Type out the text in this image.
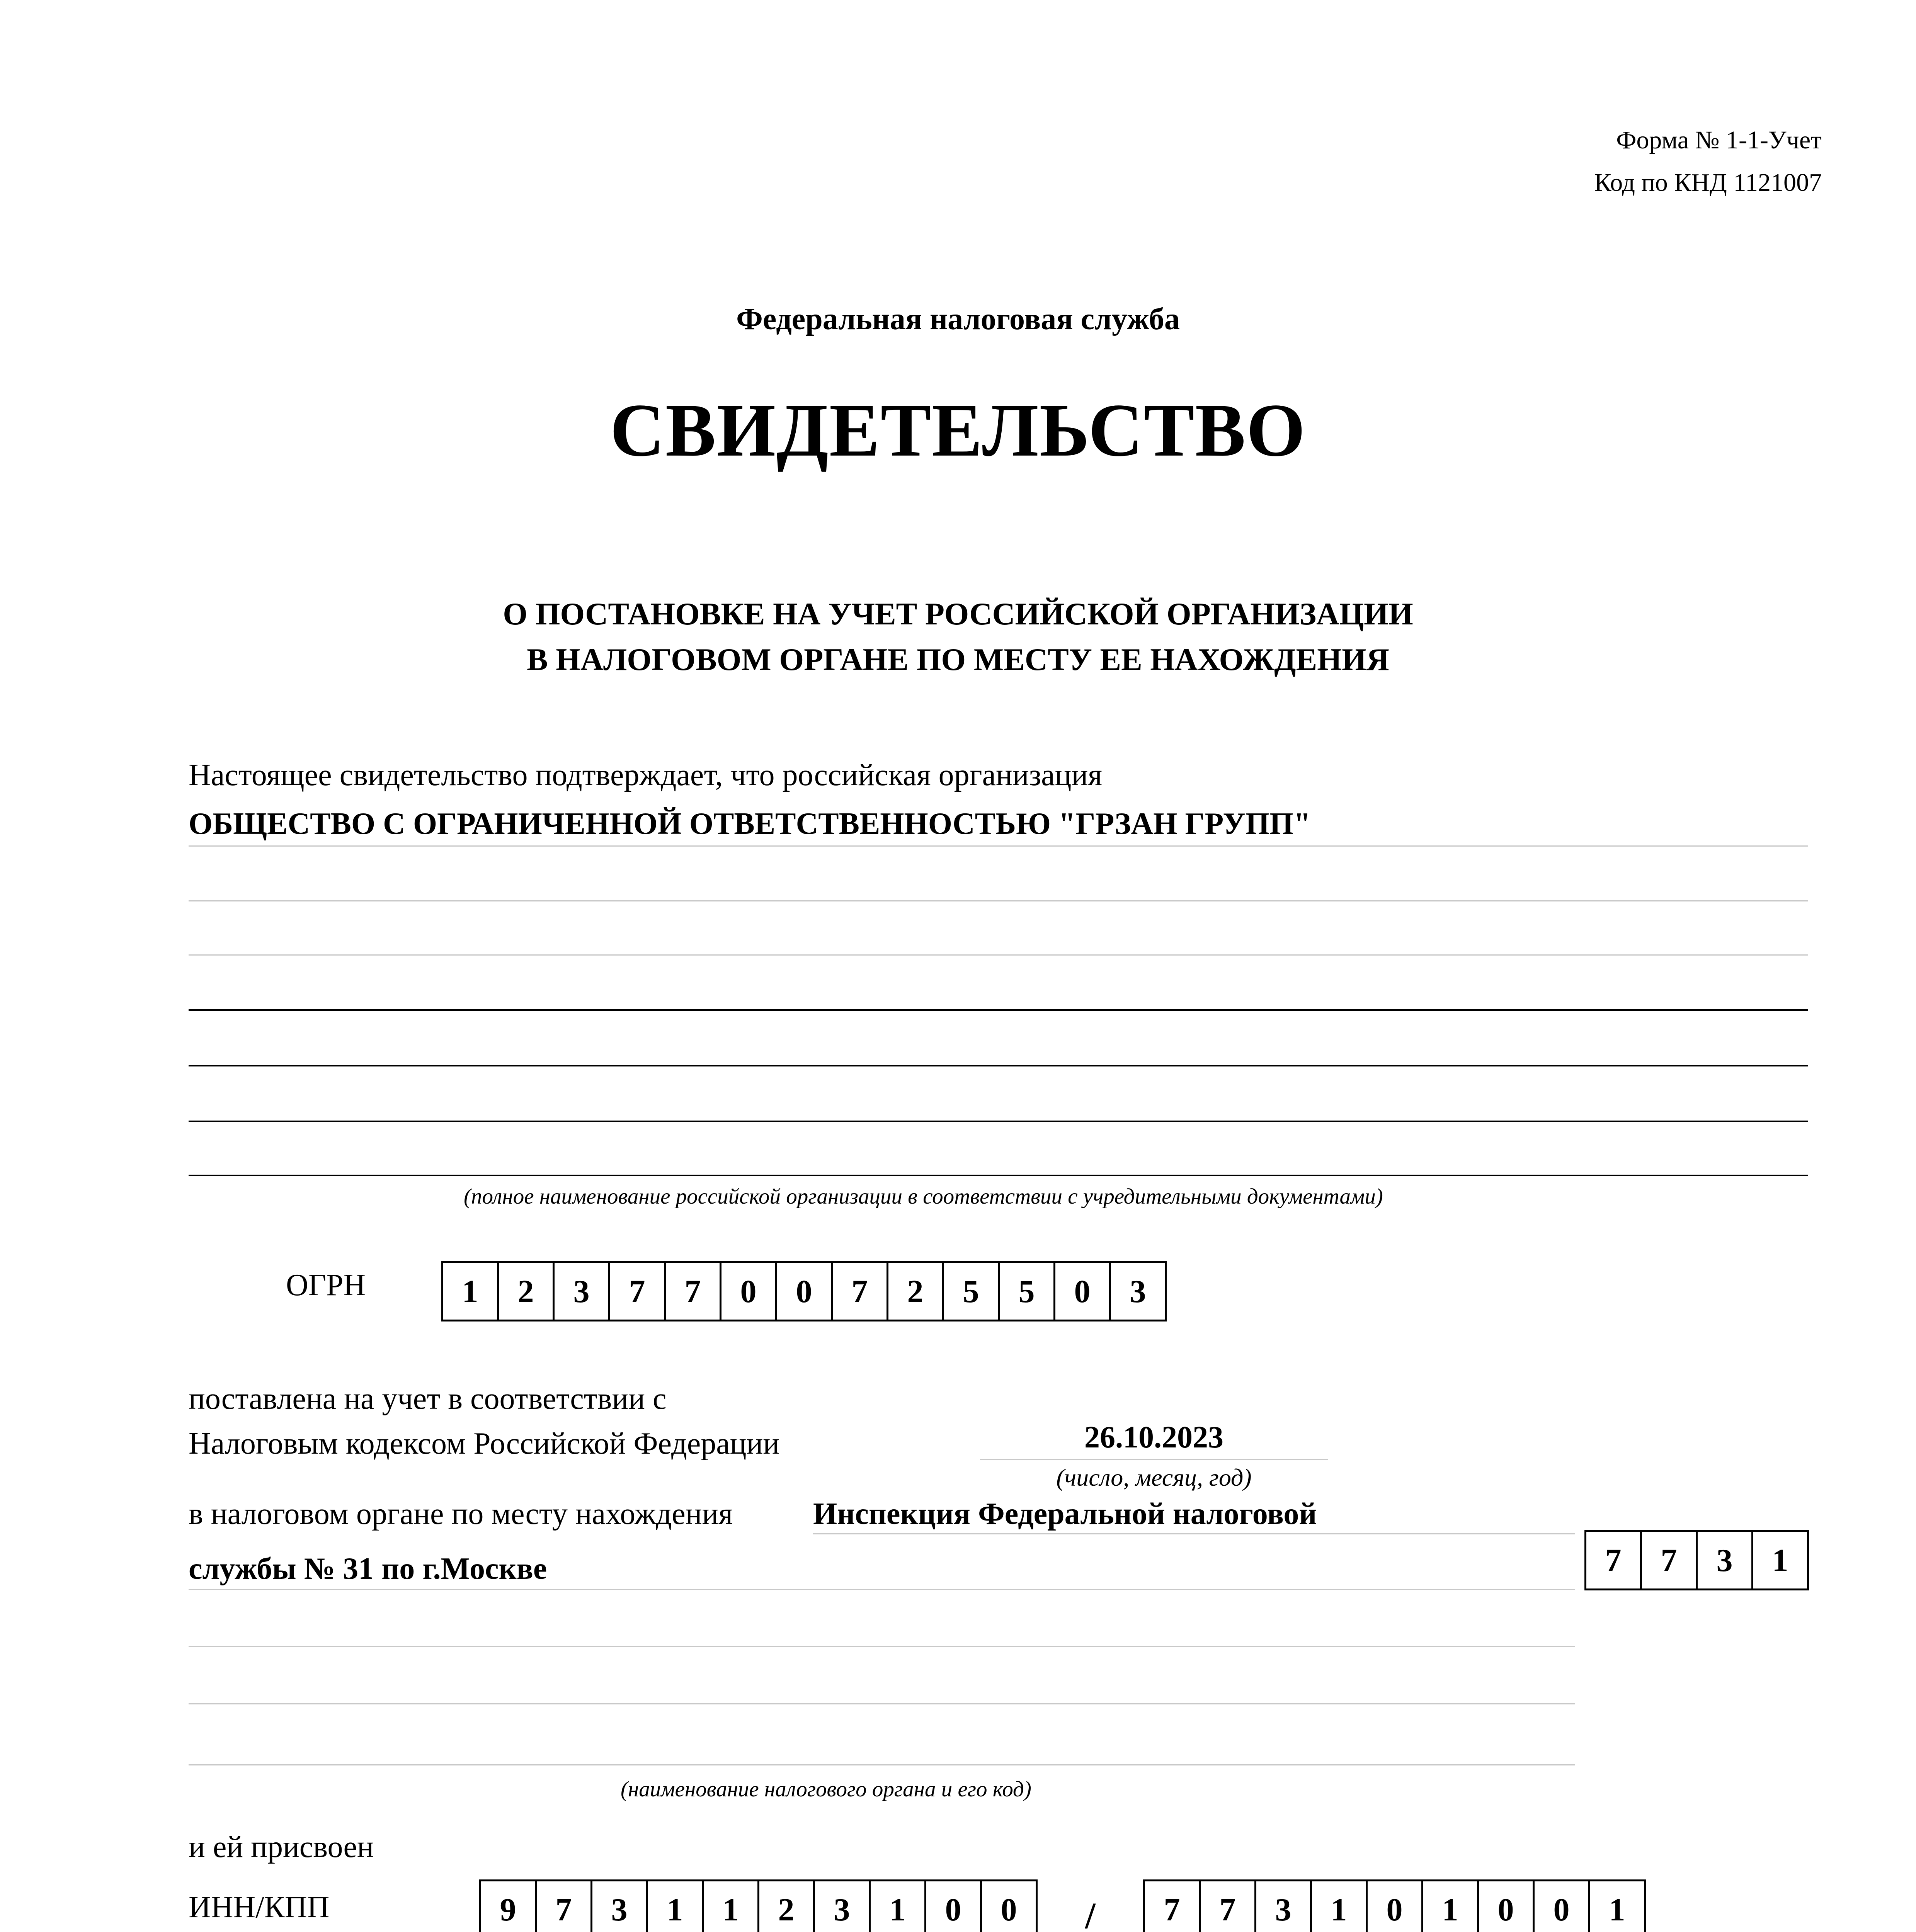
Форма № 1-1-Учет
Код по КНД 1121007
Федеральная налоговая служба
СВИДЕТЕЛЬСТВО
О ПОСТАНОВКЕ НА УЧЕТ РОССИЙСКОЙ ОРГАНИЗАЦИИ
В НАЛОГОВОМ ОРГАНЕ ПО МЕСТУ ЕЕ НАХОЖДЕНИЯ
Настоящее свидетельство подтверждает, что российская организация
ОБЩЕСТВО С ОГРАНИЧЕННОЙ ОТВЕТСТВЕННОСТЬЮ "ГРЗАН ГРУПП"
(полное наименование российской организации в соответствии с учредительными документами)
ОГРН	1	2	3	7	7	0	0	7	2	5	5	0	3
поставлена на учет в соответствии с
Налоговым кодексом Российской Федерации	26.10.2023
(число, месяц, год)
в налоговом органе по месту нахождения	Инспекция Федеральной налоговой
службы № 31 по г.Москве	7	7	3	1
(наименование налогового органа и его код)
и ей присвоен
ИНН/КПП	9	7	3	1	1	2	3	1	0	0	/	7	7	3	1	0	1	0	0	1
